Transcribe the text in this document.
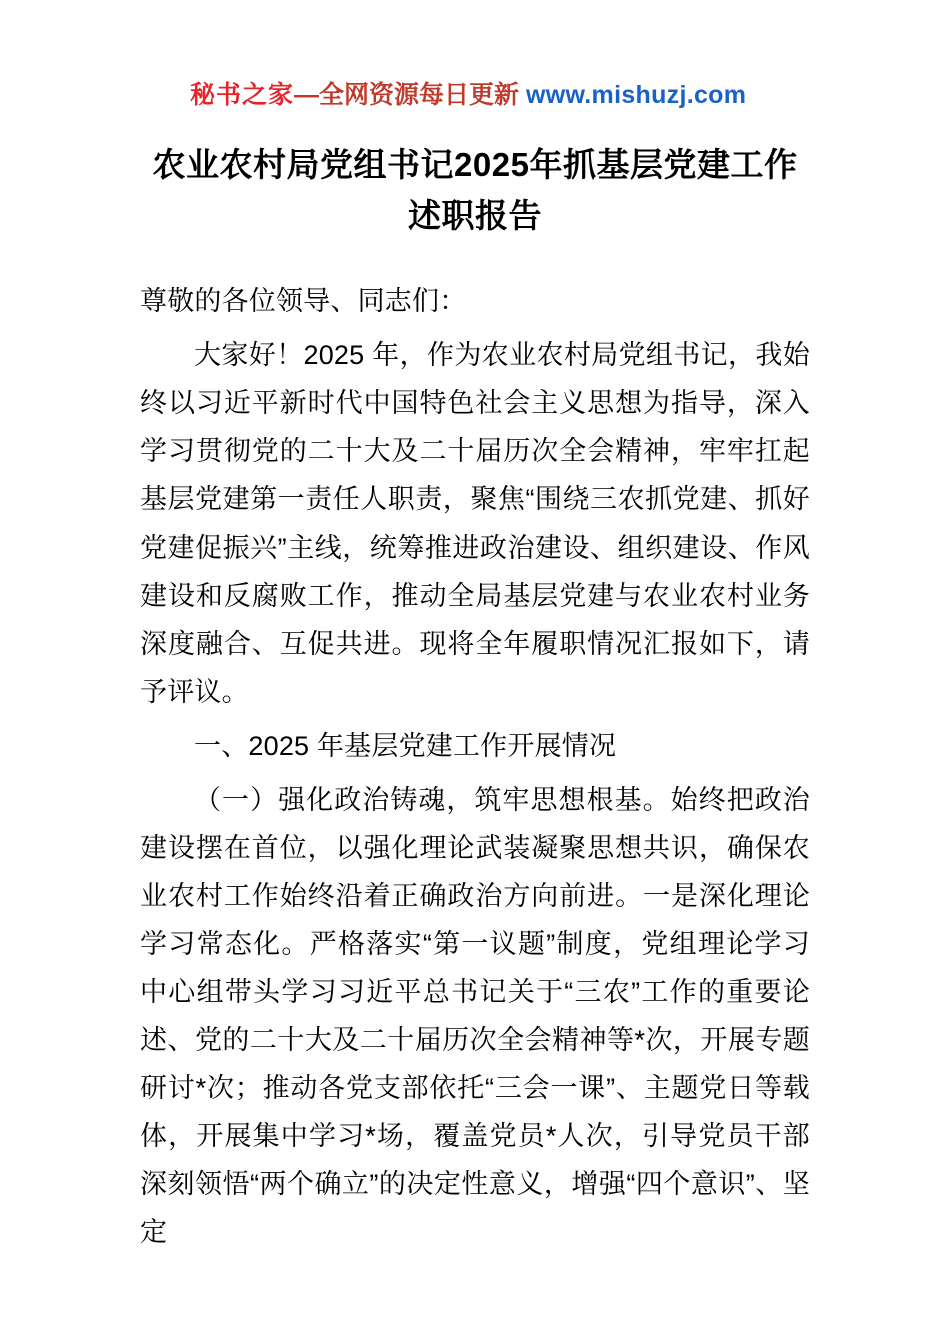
秘书之家—全网资源每日更新 www.mishuzj.com
农业农村局党组书记2025年抓基层党建工作述职报告

尊敬的各位领导、同志们：

大家好！2025 年，作为农业农村局党组书记，我始终以习近平新时代中国特色社会主义思想为指导，深入学习贯彻党的二十大及二十届历次全会精神，牢牢扛起基层党建第一责任人职责，聚焦“围绕三农抓党建、抓好党建促振兴”主线，统筹推进政治建设、组织建设、作风建设和反腐败工作，推动全局基层党建与农业农村业务深度融合、互促共进。现将全年履职情况汇报如下，请予评议。

一、2025 年基层党建工作开展情况

（一）强化政治铸魂，筑牢思想根基。始终把政治建设摆在首位，以强化理论武装凝聚思想共识，确保农业农村工作始终沿着正确政治方向前进。一是深化理论学习常态化。严格落实“第一议题”制度，党组理论学习中心组带头学习习近平总书记关于“三农”工作的重要论述、党的二十大及二十届历次全会精神等*次，开展专题研讨*次；推动各党支部依托“三会一课”、主题党日等载体，开展集中学习*场，覆盖党员*人次，引导党员干部深刻领悟“两个确立”的决定性意义，增强“四个意识”、坚定
